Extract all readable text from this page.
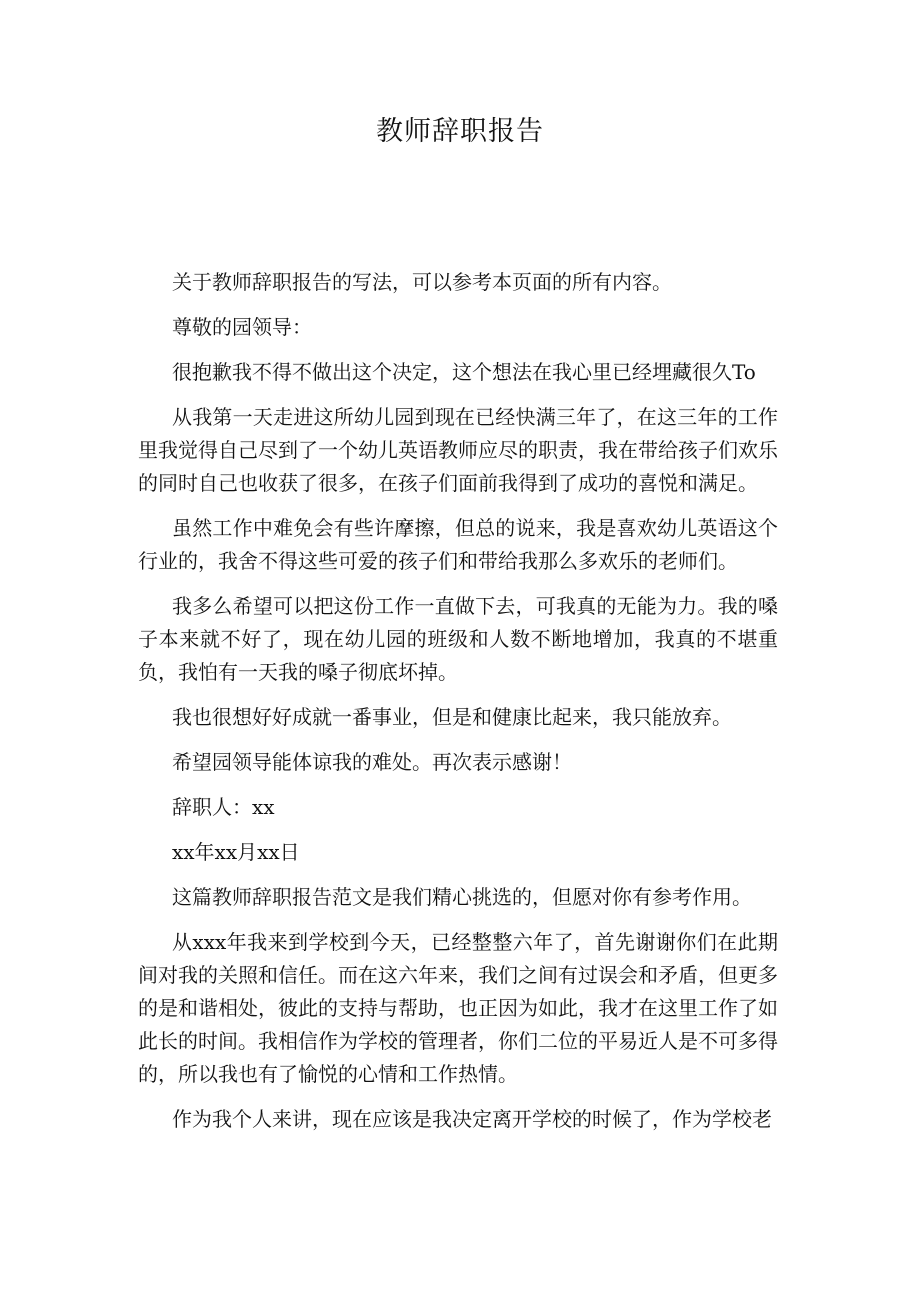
教师辞职报告

关于教师辞职报告的写法，可以参考本页面的所有内容。

尊敬的园领导：

很抱歉我不得不做出这个决定，这个想法在我心里已经埋藏很久To

从我第一天走进这所幼儿园到现在已经快满三年了，在这三年的工作里我觉得自己尽到了一个幼儿英语教师应尽的职责，我在带给孩子们欢乐的同时自己也收获了很多，在孩子们面前我得到了成功的喜悦和满足。

虽然工作中难免会有些许摩擦，但总的说来，我是喜欢幼儿英语这个行业的，我舍不得这些可爱的孩子们和带给我那么多欢乐的老师们。

我多么希望可以把这份工作一直做下去，可我真的无能为力。我的嗓子本来就不好了，现在幼儿园的班级和人数不断地增加，我真的不堪重负，我怕有一天我的嗓子彻底坏掉。

我也很想好好成就一番事业，但是和健康比起来，我只能放弃。

希望园领导能体谅我的难处。再次表示感谢！

辞职人：xx

xx年xx月xx日

这篇教师辞职报告范文是我们精心挑选的，但愿对你有参考作用。

从xxx年我来到学校到今天，已经整整六年了，首先谢谢你们在此期间对我的关照和信任。而在这六年来，我们之间有过误会和矛盾，但更多的是和谐相处，彼此的支持与帮助，也正因为如此，我才在这里工作了如此长的时间。我相信作为学校的管理者，你们二位的平易近人是不可多得的，所以我也有了愉悦的心情和工作热情。

作为我个人来讲，现在应该是我决定离开学校的时候了，作为学校老
